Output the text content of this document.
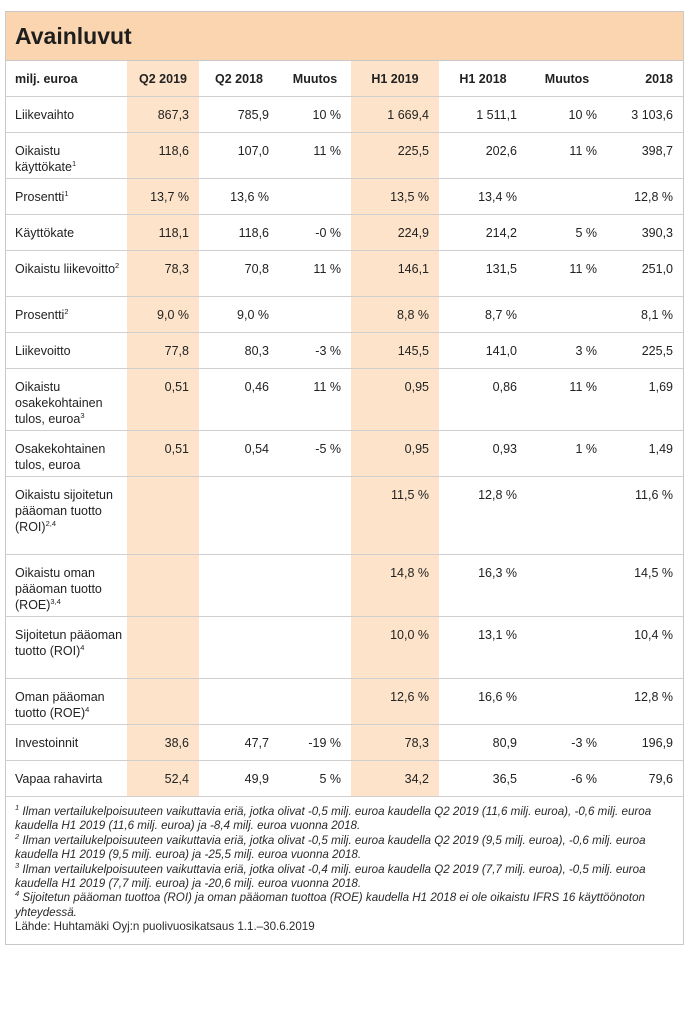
Avainluvut
milj. euroa	Q2 2019	Q2 2018	Muutos	H1 2019	H1 2018	Muutos	2018

Liikevaihto	867,3	785,9	10 %	1 669,4	1 511,1	10 %	3 103,6

Oikaistu käyttökate$^1$	118,6	107,0	11 %	225,5	202,6	11 %	398,7

Prosentti$^1$	13,7 %	13,6 %		13,5 %	13,4 %		12,8 %

Käyttökate	118,1	118,6	-0 %	224,9	214,2	5 %	390,3

Oikaistu liikevoitto$^2$	78,3	70,8	11 %	146,1	131,5	11 %	251,0

Prosentti$^2$	9,0 %	9,0 %		8,8 %	8,7 %		8,1 %

Liikevoitto	77,8	80,3	-3 %	145,5	141,0	3 %	225,5

Oikaistu osakekohtainen tulos, euroa$^3$	0,51	0,46	11 %	0,95	0,86	11 %	1,69

Osakekohtainen tulos, euroa	0,51	0,54	-5 %	0,95	0,93	1 %	1,49

Oikaistu sijoitetun pääoman tuotto (ROI)$^{2,4}$				11,5 %	12,8 %		11,6 %

Oikaistu oman pääoman tuotto (ROE)$^{3,4}$				14,8 %	16,3 %		14,5 %

Sijoitetun pääoman tuotto (ROI)$^4$				10,0 %	13,1 %		10,4 %

Oman pääoman tuotto (ROE)$^4$				12,6 %	16,6 %		12,8 %

Investoinnit	38,6	47,7	-19 %	78,3	80,9	-3 %	196,9

Vapaa rahavirta	52,4	49,9	5 %	34,2	36,5	-6 %	79,6
$^1$ Ilman vertailukelpoisuuteen vaikuttavia eriä, jotka olivat -0,5 milj. euroa kaudella Q2 2019 (11,6 milj. euroa), -0,6 milj. euroa kaudella H1 2019 (11,6 milj. euroa) ja -8,4 milj. euroa vuonna 2018.
$^2$ Ilman vertailukelpoisuuteen vaikuttavia eriä, jotka olivat -0,5 milj. euroa kaudella Q2 2019 (9,5 milj. euroa), -0,6 milj. euroa kaudella H1 2019 (9,5 milj. euroa) ja -25,5 milj. euroa vuonna 2018.
$^3$ Ilman vertailukelpoisuuteen vaikuttavia eriä, jotka olivat -0,4 milj. euroa kaudella Q2 2019 (7,7 milj. euroa), -0,5 milj. euroa kaudella H1 2019 (7,7 milj. euroa) ja -20,6 milj. euroa vuonna 2018.
$^4$ Sijoitetun pääoman tuottoa (ROI) ja oman pääoman tuottoa (ROE) kaudella H1 2018 ei ole oikaistu IFRS 16 käyttöönoton yhteydessä.
Lähde: Huhtamäki Oyj:n puolivuosikatsaus 1.1.–30.6.2019
